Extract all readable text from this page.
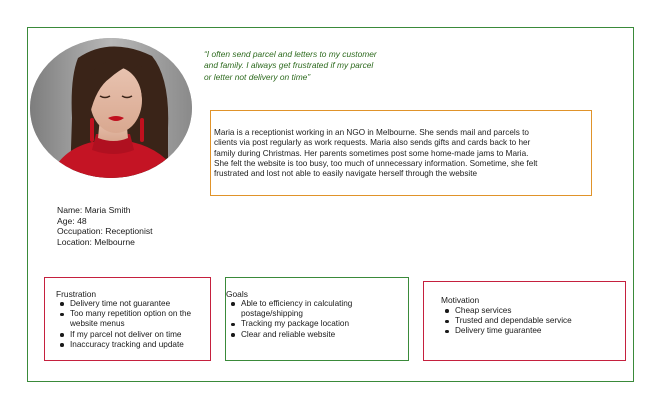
“I often send parcel and letters to my customer
and family. I always get frustrated if my parcel
or letter not delivery on time”
Maria is a receptionist working in an NGO in Melbourne. She sends mail and parcels to
clients via post regularly as work requests. Maria also sends gifts and cards back to her
family during Christmas. Her parents sometimes post some home-made jams to Maria.
She felt the website is too busy, too much of unnecessary information. Sometime, she felt
frustrated and lost not able to easily navigate herself through the website
Name: Maria Smith
Age: 48
Occupation: Receptionist
Location: Melbourne
Frustration
Delivery time not guarantee
Too many repetition option on the website menus
If my parcel not deliver on time
Inaccuracy tracking and update
Goals
Able to efficiency in calculating postage/shipping
Tracking my package location
Clear and reliable website
Motivation
Cheap services
Trusted and dependable service
Delivery time guarantee
